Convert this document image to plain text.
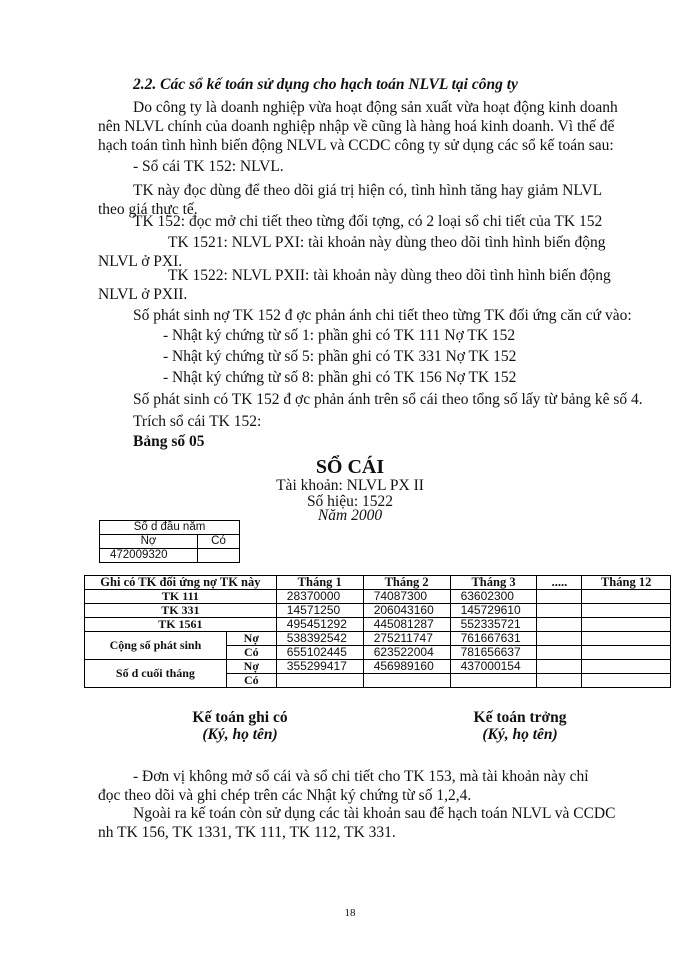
2.2. Các sổ kế toán sử dụng cho hạch toán NLVL tại công ty
Do công ty là doanh nghiệp vừa hoạt động sản xuất vừa hoạt động kinh doanh
nên NLVL chính của doanh nghiệp nhập về cũng là hàng hoá kinh doanh. Vì thế để
hạch toán tình hình biến động NLVL và CCDC công ty sử dụng các sổ kế toán sau:
- Sổ cái TK 152: NLVL.
TK này đọc dùng để theo dõi giá trị hiện có, tình hình tăng hay giảm NLVL
theo giá thực tế.
TK 152: đọc mở chi tiết theo từng đối tợng, có 2 loại sổ chi tiết của TK 152
TK 1521: NLVL PXI: tài khoản này dùng theo dõi tình hình biến động
NLVL ở PXI.
TK 1522: NLVL PXII: tài khoản này dùng theo dõi tình hình biến động
NLVL ở PXII.
Số phát sinh nợ TK 152 đ ợc phản ánh chi tiết theo từng TK đối ứng căn cứ vào:
- Nhật ký chứng từ số 1: phần ghi có TK 111 Nợ TK 152
- Nhật ký chứng từ số 5: phần ghi có TK 331 Nợ TK 152
- Nhật ký chứng từ số 8: phần ghi có TK 156 Nợ TK 152
Số phát sinh có TK 152 đ ợc phản ánh trên sổ cái theo tổng số lấy từ bảng kê số 4.
Trích sổ cái TK 152:
Bảng số 05
SỔ CÁI
Tài khoản: NLVL PX II
Số hiệu: 1522
Năm 2000
Số d đầu năm	
Nợ	Có
472009320	
Ghi có TK đối ứng nợ TK này		Tháng 1	Tháng 2	Tháng 3	.....	Tháng 12
TK 111		28370000	74087300	63602300		
TK 331		14571250	206043160	145729610		
TK 1561		495451292	445081287	552335721		
Cộng số phát sinh	Nợ	538392542	275211747	761667631		
	Có	655102445	623522004	781656637		
Số d cuối tháng	Nợ	355299417	456989160	437000154		
	Có					
Kế toán ghi có
(Ký, họ tên)
Kế toán trởng
(Ký, họ tên)
- Đơn vị không mở sổ cái và sổ chi tiết cho TK 153, mà tài khoản này chỉ
đọc theo dõi và ghi chép trên các Nhật ký chứng từ số 1,2,4.
Ngoài ra kế toán còn sử dụng các tài khoản sau để hạch toán NLVL và CCDC
nh TK 156, TK 1331, TK 111, TK 112, TK 331.
18
